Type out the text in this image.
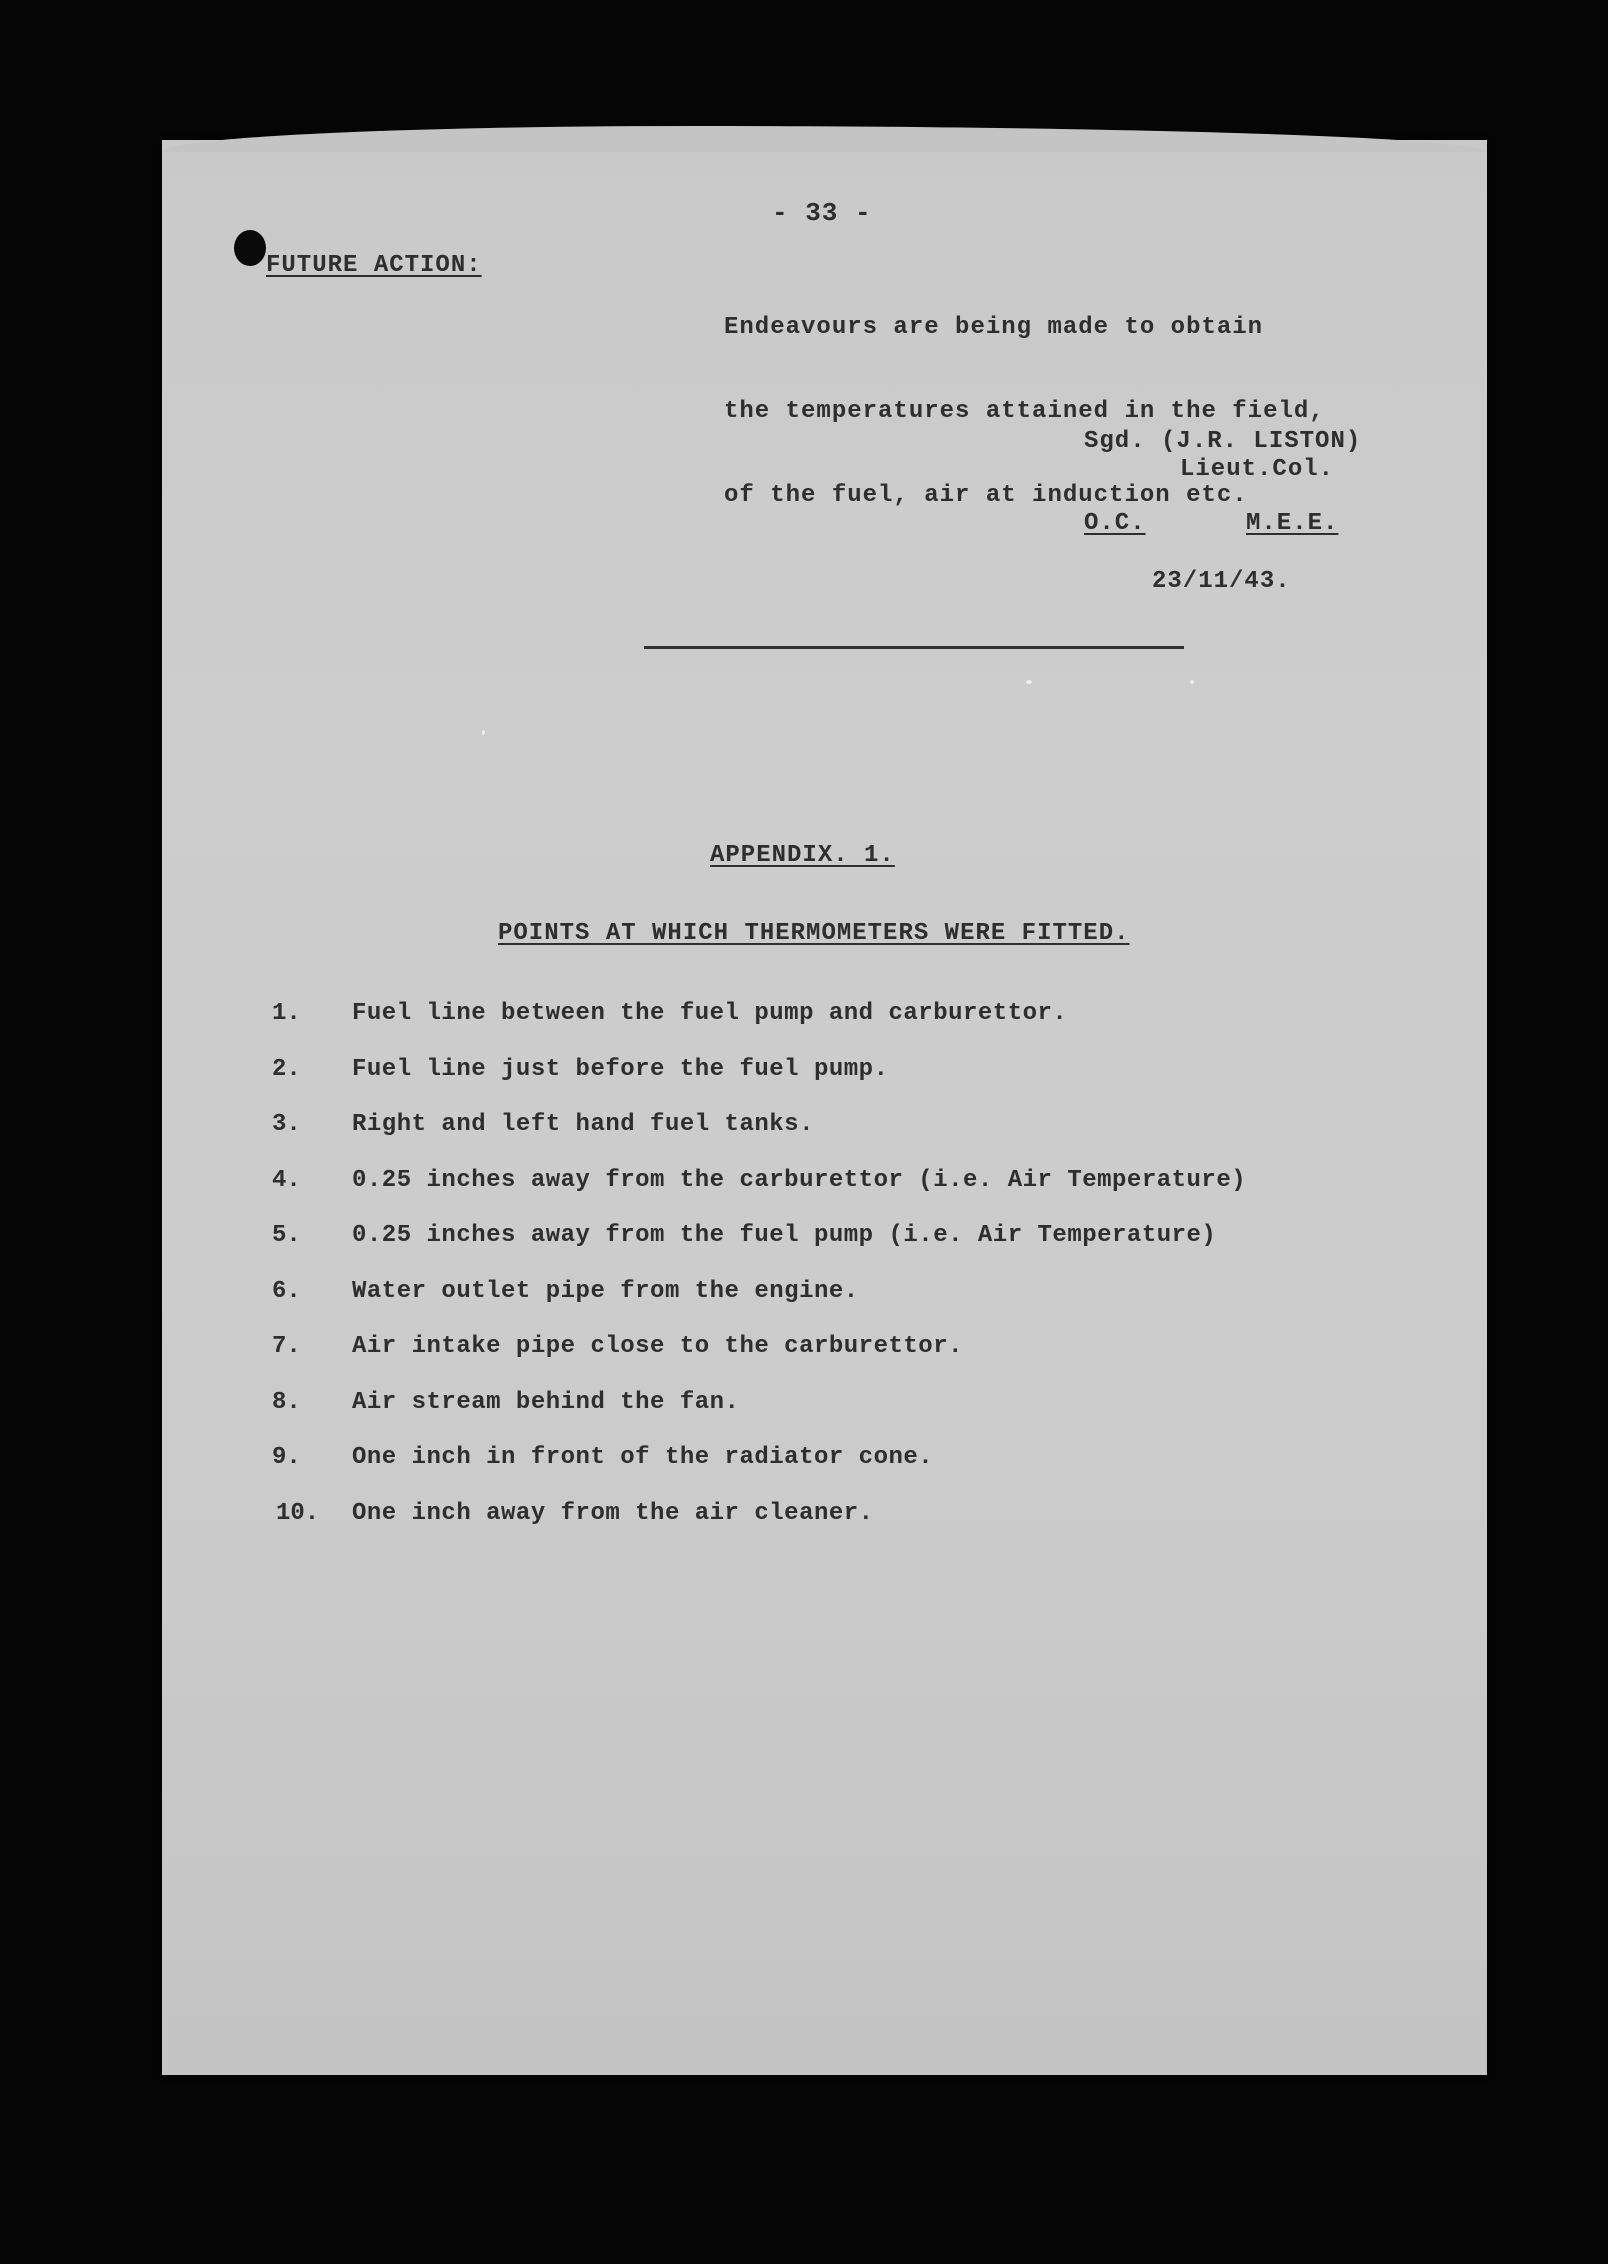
- 33 -
FUTURE ACTION:

Endeavours are being made to obtain

the temperatures attained in the field,

of the fuel, air at induction etc.

Sgd. (J.R. LISTON)
Lieut.Col.
O.C.	M.E.E.
23/11/43.
APPENDIX. 1.
POINTS AT WHICH THERMOMETERS WERE FITTED.
1.	Fuel line between the fuel pump and carburettor.
2.	Fuel line just before the fuel pump.
3.	Right and left hand fuel tanks.
4.	0.25 inches away from the carburettor (i.e. Air Temperature)
5.	0.25 inches away from the fuel pump (i.e. Air Temperature)
6.	Water outlet pipe from the engine.
7.	Air intake pipe close to the carburettor.
8.	Air stream behind the fan.
9.	One inch in front of the radiator cone.
10. One inch away from the air cleaner.
